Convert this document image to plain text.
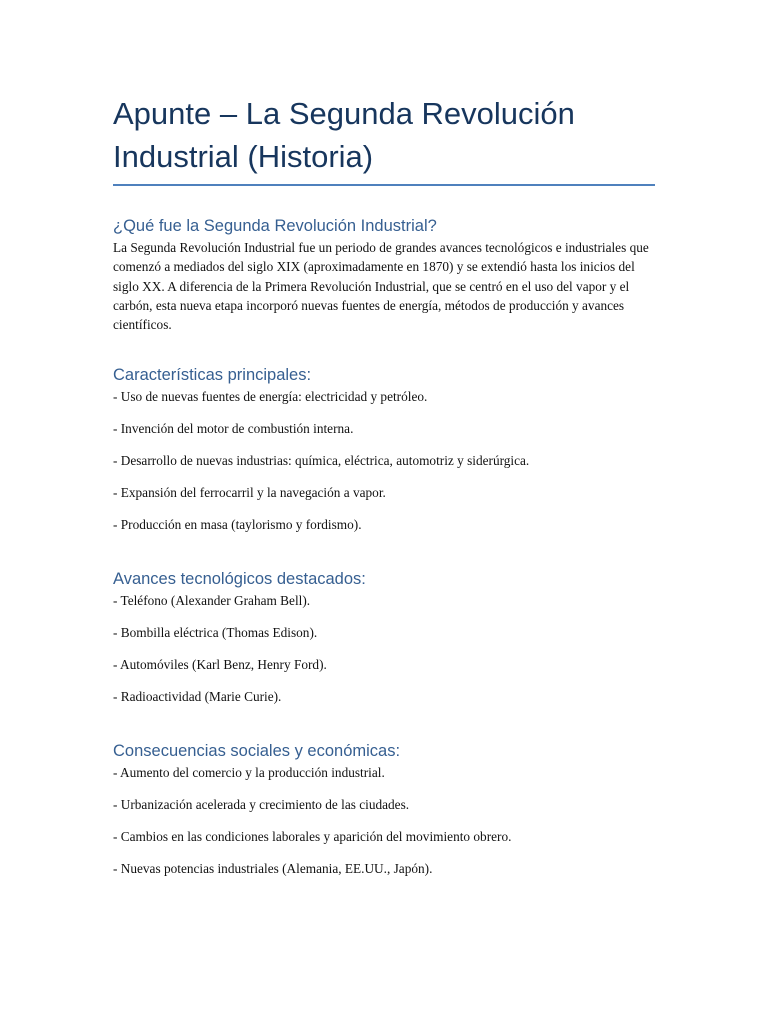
Apunte – La Segunda Revolución
Industrial (Historia)
¿Qué fue la Segunda Revolución Industrial?

La Segunda Revolución Industrial fue un periodo de grandes avances tecnológicos e industriales que comenzó a mediados del siglo XIX (aproximadamente en 1870) y se extendió hasta los inicios del siglo XX. A diferencia de la Primera Revolución Industrial, que se centró en el uso del vapor y el carbón, esta nueva etapa incorporó nuevas fuentes de energía, métodos de producción y avances científicos.

Características principales:
- Uso de nuevas fuentes de energía: electricidad y petróleo.
- Invención del motor de combustión interna.
- Desarrollo de nuevas industrias: química, eléctrica, automotriz y siderúrgica.
- Expansión del ferrocarril y la navegación a vapor.
- Producción en masa (taylorismo y fordismo).
Avances tecnológicos destacados:
- Teléfono (Alexander Graham Bell).
- Bombilla eléctrica (Thomas Edison).
- Automóviles (Karl Benz, Henry Ford).
- Radioactividad (Marie Curie).
Consecuencias sociales y económicas:
- Aumento del comercio y la producción industrial.
- Urbanización acelerada y crecimiento de las ciudades.
- Cambios en las condiciones laborales y aparición del movimiento obrero.
- Nuevas potencias industriales (Alemania, EE.UU., Japón).
